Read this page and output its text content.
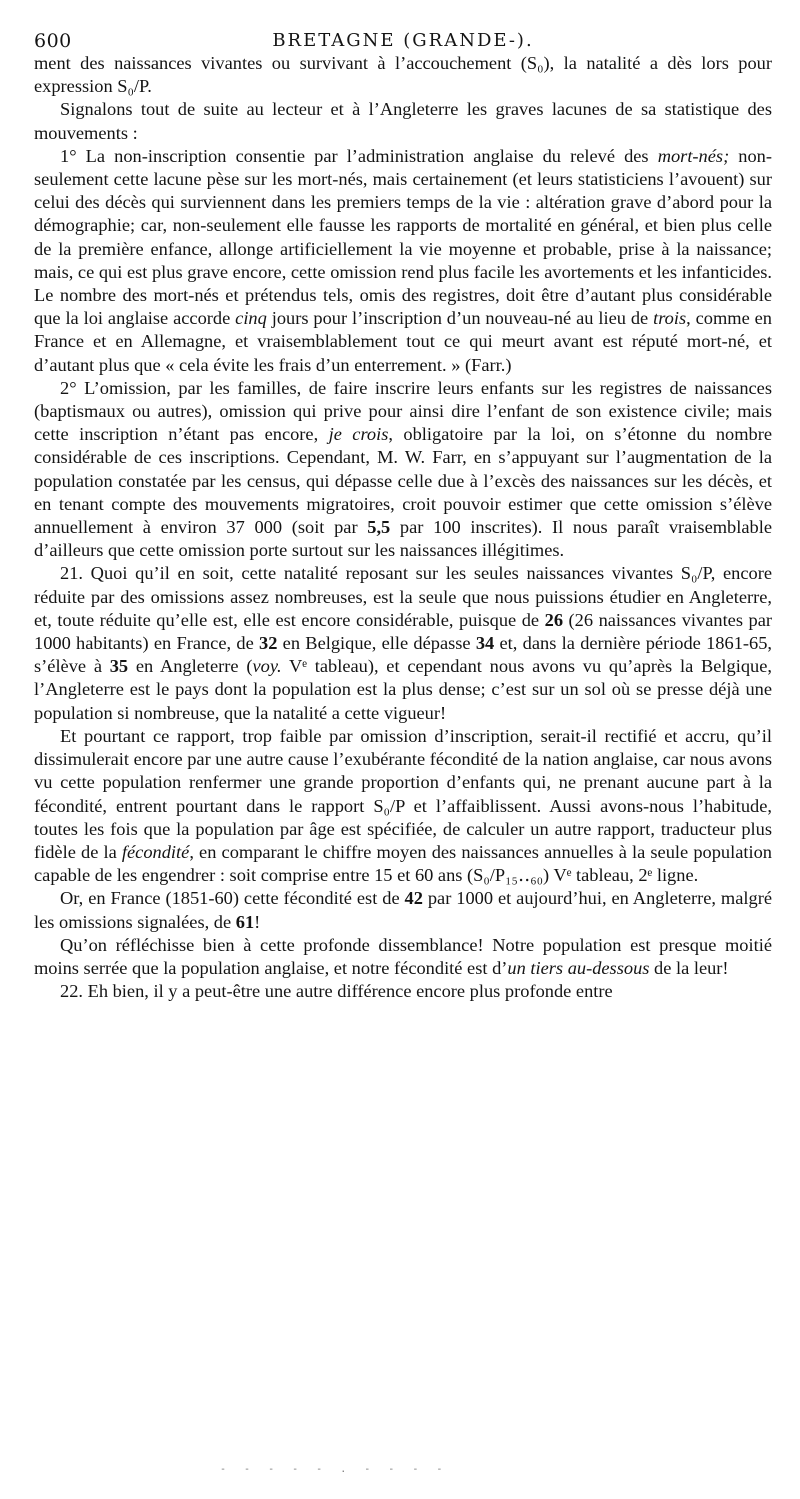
600	BRETAGNE (GRANDE-).

ment des naissances vivantes ou survivant à l’accouchement (S₀), la natalité a dès lors pour expression S₀/P.

Signalons tout de suite au lecteur et à l’Angleterre les graves lacunes de sa statistique des mouvements :

1° La non-inscription consentie par l’administration anglaise du relevé des mort-nés; non-seulement cette lacune pèse sur les mort-nés, mais certainement (et leurs statisticiens l’avouent) sur celui des décès qui surviennent dans les premiers temps de la vie : altération grave d’abord pour la démographie; car, non-seulement elle fausse les rapports de mortalité en général, et bien plus celle de la première enfance, allonge artificiellement la vie moyenne et probable, prise à la naissance; mais, ce qui est plus grave encore, cette omission rend plus facile les avortements et les infanticides. Le nombre des mort-nés et prétendus tels, omis des registres, doit être d’autant plus considérable que la loi anglaise accorde cinq jours pour l’inscription d’un nouveau-né au lieu de trois, comme en France et en Allemagne, et vraisemblablement tout ce qui meurt avant est réputé mort-né, et d’autant plus que « cela évite les frais d’un enterrement. » (Farr.)

2° L’omission, par les familles, de faire inscrire leurs enfants sur les registres de naissances (baptismaux ou autres), omission qui prive pour ainsi dire l’enfant de son existence civile; mais cette inscription n’étant pas encore, je crois, obligatoire par la loi, on s’étonne du nombre considérable de ces inscriptions. Cependant, M. W. Farr, en s’appuyant sur l’augmentation de la population constatée par les census, qui dépasse celle due à l’excès des naissances sur les décès, et en tenant compte des mouvements migratoires, croit pouvoir estimer que cette omission s’élève annuellement à environ 37 000 (soit par 5,5 par 100 inscrites). Il nous paraît vraisemblable d’ailleurs que cette omission porte surtout sur les naissances illégitimes.

21. Quoi qu’il en soit, cette natalité reposant sur les seules naissances vivantes S₀/P, encore réduite par des omissions assez nombreuses, est la seule que nous puissions étudier en Angleterre, et, toute réduite qu’elle est, elle est encore considérable, puisque de 26 (26 naissances vivantes par 1000 habitants) en France, de 32 en Belgique, elle dépasse 34 et, dans la dernière période 1861-65, s’élève à 35 en Angleterre (voy. Vᵉ tableau), et cependant nous avons vu qu’après la Belgique, l’Angleterre est le pays dont la population est la plus dense; c’est sur un sol où se presse déjà une population si nombreuse, que la natalité a cette vigueur!

Et pourtant ce rapport, trop faible par omission d’inscription, serait-il rectifié et accru, qu’il dissimulerait encore par une autre cause l’exubérante fécondité de la nation anglaise, car nous avons vu cette population renfermer une grande proportion d’enfants qui, ne prenant aucune part à la fécondité, entrent pourtant dans le rapport S₀/P et l’affaiblissent. Aussi avons-nous l’habitude, toutes les fois que la population par âge est spécifiée, de calculer un autre rapport, traducteur plus fidèle de la fécondité, en comparant le chiffre moyen des naissances annuelles à la seule population capable de les engendrer : soit comprise entre 15 et 60 ans (S₀/P₁₅‥₆₀) Vᵉ tableau, 2ᵉ ligne.

Or, en France (1851-60) cette fécondité est de 42 par 1000 et aujourd’hui, en Angleterre, malgré les omissions signalées, de 61!

Qu’on réfléchisse bien à cette profonde dissemblance! Notre population est presque moitié moins serrée que la population anglaise, et notre fécondité est d’un tiers au-dessous de la leur!

22. Eh bien, il y a peut-être une autre différence encore plus profonde entre

- - - - - . - - - -
